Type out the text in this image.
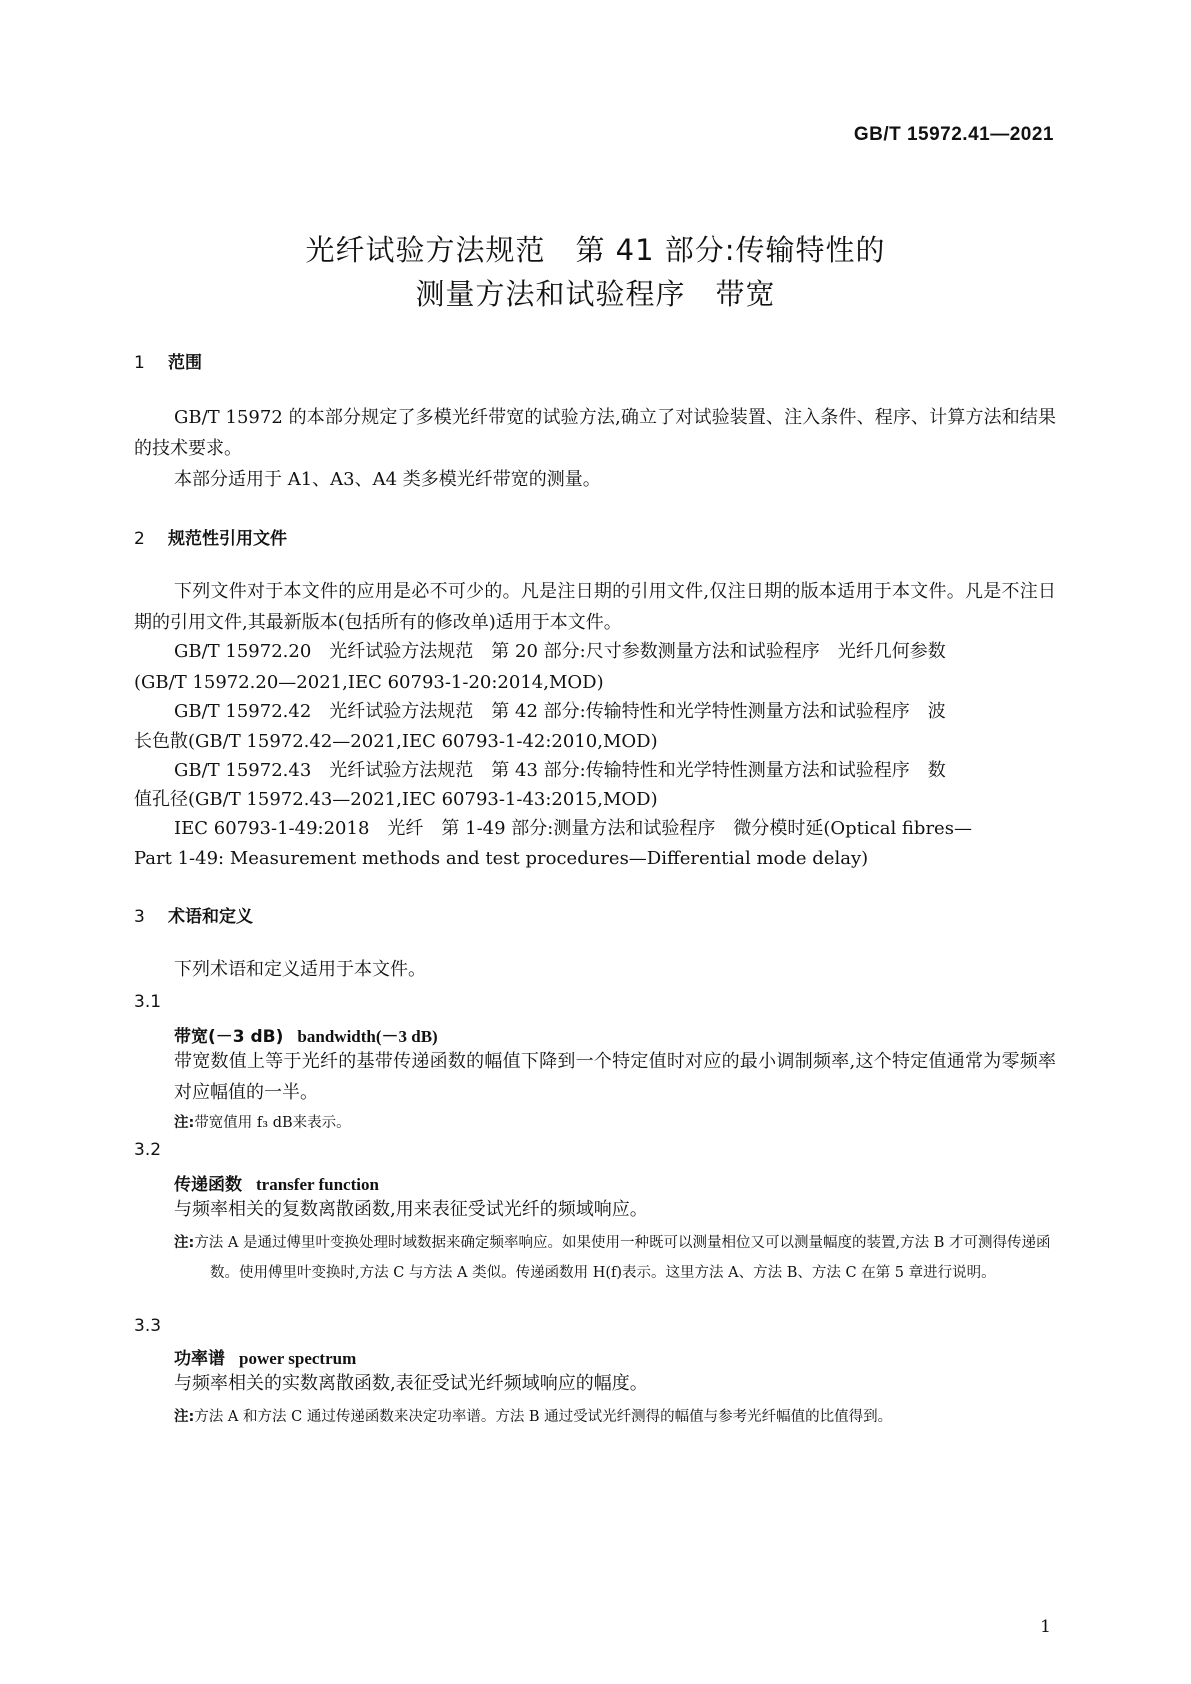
GB/T 15972.41—2021
光纤试验方法规范　第 41 部分:传输特性的
测量方法和试验程序　带宽
1 范围
GB/T 15972 的本部分规定了多模光纤带宽的试验方法,确立了对试验装置、注入条件、程序、计算方法和结果的技术要求。
本部分适用于 A1、A3、A4 类多模光纤带宽的测量。
2 规范性引用文件
下列文件对于本文件的应用是必不可少的。凡是注日期的引用文件,仅注日期的版本适用于本文件。凡是不注日期的引用文件,其最新版本(包括所有的修改单)适用于本文件。
GB/T 15972.20　光纤试验方法规范　第 20 部分:尺寸参数测量方法和试验程序　光纤几何参数
(GB/T 15972.20—2021,IEC 60793-1-20:2014,MOD)
GB/T 15972.42　光纤试验方法规范　第 42 部分:传输特性和光学特性测量方法和试验程序　波
长色散(GB/T 15972.42—2021,IEC 60793-1-42:2010,MOD)
GB/T 15972.43　光纤试验方法规范　第 43 部分:传输特性和光学特性测量方法和试验程序　数
值孔径(GB/T 15972.43—2021,IEC 60793-1-43:2015,MOD)
IEC 60793-1-49:2018　光纤　第 1-49 部分:测量方法和试验程序　微分模时延(Optical fibres—
Part 1-49: Measurement methods and test procedures—Differential mode delay)
3 术语和定义
下列术语和定义适用于本文件。
3.1
带宽(－3 dB) bandwidth(－3 dB)
带宽数值上等于光纤的基带传递函数的幅值下降到一个特定值时对应的最小调制频率,这个特定值通常为零频率对应幅值的一半。
注:带宽值用 f₃ dB来表示。
3.2
传递函数 transfer function
与频率相关的复数离散函数,用来表征受试光纤的频域响应。
注:方法 A 是通过傅里叶变换处理时域数据来确定频率响应。如果使用一种既可以测量相位又可以测量幅度的装置,方法 B 才可测得传递函数。使用傅里叶变换时,方法 C 与方法 A 类似。传递函数用 H(f)表示。这里方法 A、方法 B、方法 C 在第 5 章进行说明。
3.3
功率谱 power spectrum
与频率相关的实数离散函数,表征受试光纤频域响应的幅度。
注:方法 A 和方法 C 通过传递函数来决定功率谱。方法 B 通过受试光纤测得的幅值与参考光纤幅值的比值得到。
1
